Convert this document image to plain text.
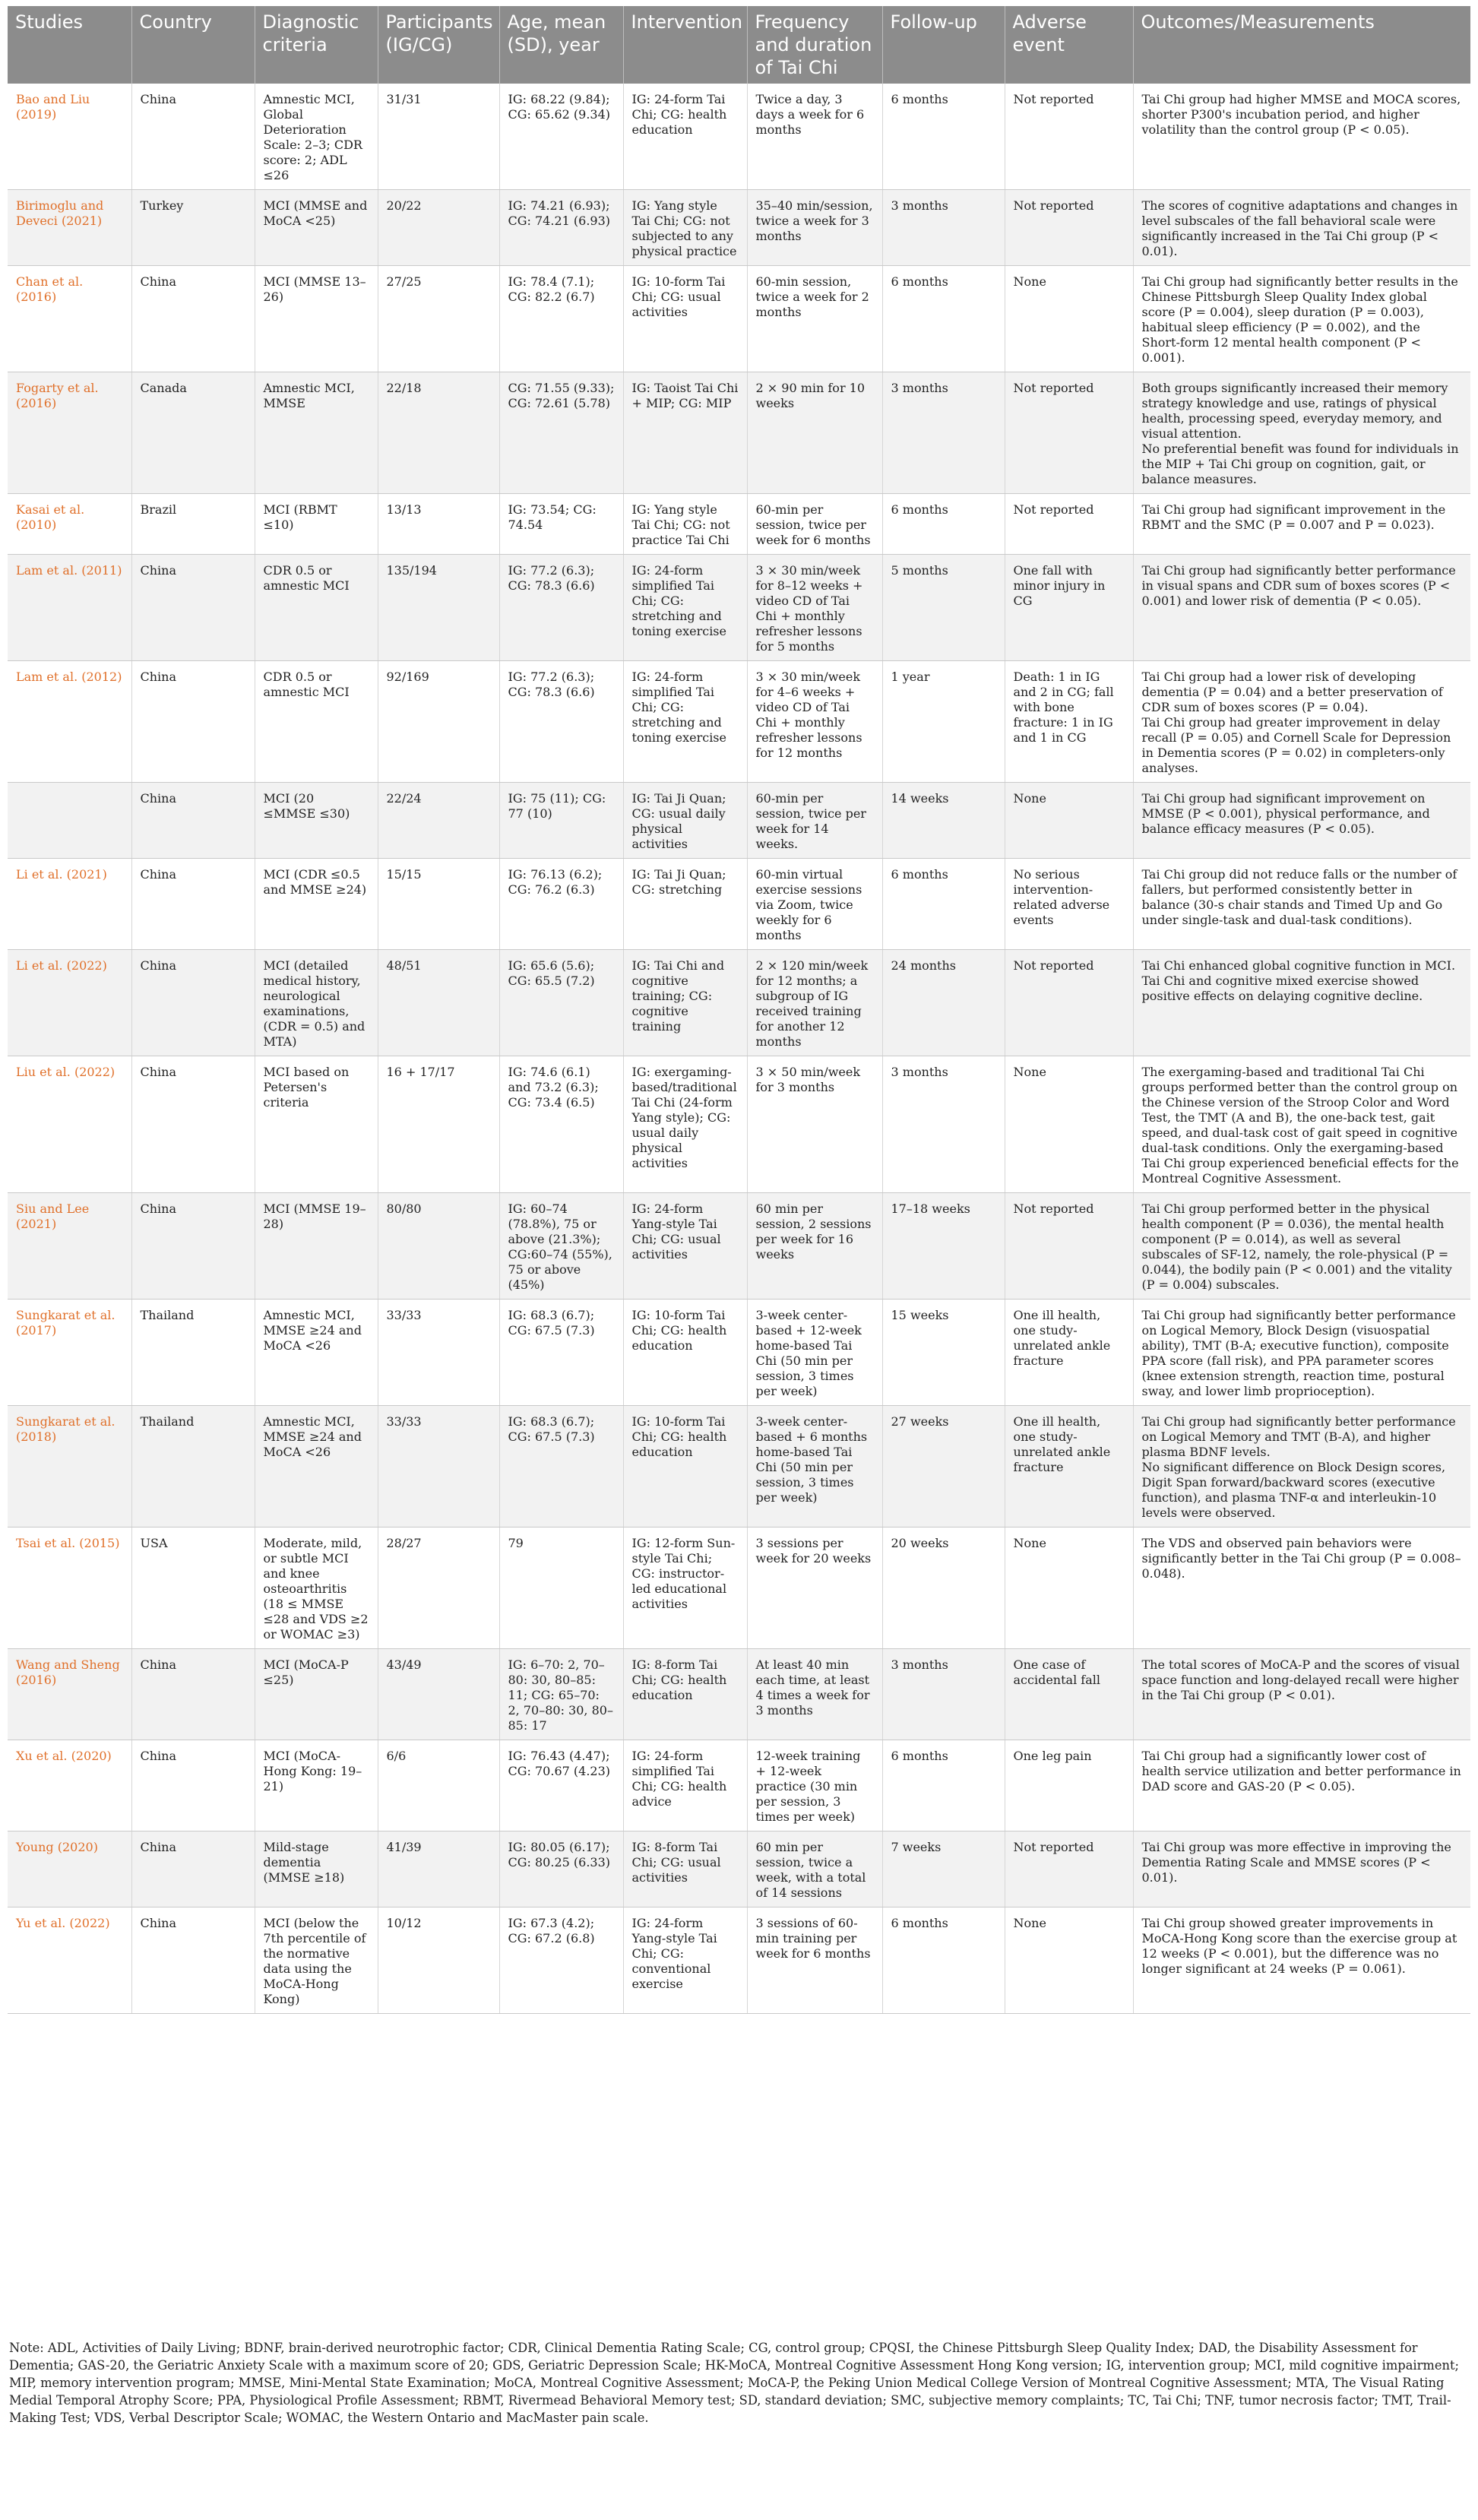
Studies	Country	Diagnostic criteria	Participants (IG/CG)	Age, mean (SD), year	Intervention	Frequency and duration of Tai Chi	Follow-up	Adverse event	Outcomes/Measurements
Bao and Liu (2019)	China	Amnestic MCI, Global Deterioration Scale: 2–3; CDR score: 2; ADL ≤26	31/31	IG: 68.22 (9.84); CG: 65.62 (9.34)	IG: 24-form Tai Chi; CG: health education	Twice a day, 3 days a week for 6 months	6 months	Not reported	Tai Chi group had higher MMSE and MOCA scores, shorter P300's incubation period, and higher volatility than the control group (P < 0.05).
Birimoglu and Deveci (2021)	Turkey	MCI (MMSE and MoCA <25)	20/22	IG: 74.21 (6.93); CG: 74.21 (6.93)	IG: Yang style Tai Chi; CG: not subjected to any physical practice	35–40 min/session, twice a week for 3 months	3 months	Not reported	The scores of cognitive adaptations and changes in level subscales of the fall behavioral scale were significantly increased in the Tai Chi group (P < 0.01).
Chan et al. (2016)	China	MCI (MMSE 13–26)	27/25	IG: 78.4 (7.1); CG: 82.2 (6.7)	IG: 10-form Tai Chi; CG: usual activities	60-min session, twice a week for 2 months	6 months	None	Tai Chi group had significantly better results in the Chinese Pittsburgh Sleep Quality Index global score (P = 0.004), sleep duration (P = 0.003), habitual sleep efficiency (P = 0.002), and the Short-form 12 mental health component (P < 0.001).
Fogarty et al. (2016)	Canada	Amnestic MCI, MMSE	22/18	CG: 71.55 (9.33); CG: 72.61 (5.78)	IG: Taoist Tai Chi + MIP; CG: MIP	2 × 90 min for 10 weeks	3 months	Not reported	Both groups significantly increased their memory strategy knowledge and use, ratings of physical health, processing speed, everyday memory, and visual attention.
No preferential benefit was found for individuals in the MIP + Tai Chi group on cognition, gait, or balance measures.
Kasai et al. (2010)	Brazil	MCI (RBMT ≤10)	13/13	IG: 73.54; CG: 74.54	IG: Yang style Tai Chi; CG: not practice Tai Chi	60-min per session, twice per week for 6 months	6 months	Not reported	Tai Chi group had significant improvement in the RBMT and the SMC (P = 0.007 and P = 0.023).
Lam et al. (2011)	China	CDR 0.5 or amnestic MCI	135/194	IG: 77.2 (6.3); CG: 78.3 (6.6)	IG: 24-form simplified Tai Chi; CG: stretching and toning exercise	3 × 30 min/week for 8–12 weeks + video CD of Tai Chi + monthly refresher lessons for 5 months	5 months	One fall with minor injury in CG	Tai Chi group had significantly better performance in visual spans and CDR sum of boxes scores (P < 0.001) and lower risk of dementia (P < 0.05).
Lam et al. (2012)	China	CDR 0.5 or amnestic MCI	92/169	IG: 77.2 (6.3); CG: 78.3 (6.6)	IG: 24-form simplified Tai Chi; CG: stretching and toning exercise	3 × 30 min/week for 4–6 weeks + video CD of Tai Chi + monthly refresher lessons for 12 months	1 year	Death: 1 in IG and 2 in CG; fall with bone fracture: 1 in IG and 1 in CG	Tai Chi group had a lower risk of developing dementia (P = 0.04) and a better preservation of CDR sum of boxes scores (P = 0.04).
Tai Chi group had greater improvement in delay recall (P = 0.05) and Cornell Scale for Depression in Dementia scores (P = 0.02) in completers-only analyses.
	China	MCI (20 ≤MMSE ≤30)	22/24	IG: 75 (11); CG: 77 (10)	IG: Tai Ji Quan; CG: usual daily physical activities	60-min per session, twice per week for 14 weeks.	14 weeks	None	Tai Chi group had significant improvement on MMSE (P < 0.001), physical performance, and balance efficacy measures (P < 0.05).
Li et al. (2021)	China	MCI (CDR ≤0.5 and MMSE ≥24)	15/15	IG: 76.13 (6.2); CG: 76.2 (6.3)	IG: Tai Ji Quan; CG: stretching	60-min virtual exercise sessions via Zoom, twice weekly for 6 months	6 months	No serious intervention-related adverse events	Tai Chi group did not reduce falls or the number of fallers, but performed consistently better in balance (30-s chair stands and Timed Up and Go under single-task and dual-task conditions).
Li et al. (2022)	China	MCI (detailed medical history, neurological examinations, (CDR = 0.5) and MTA)	48/51	IG: 65.6 (5.6); CG: 65.5 (7.2)	IG: Tai Chi and cognitive training; CG: cognitive training	2 × 120 min/week for 12 months; a subgroup of IG received training for another 12 months	24 months	Not reported	Tai Chi enhanced global cognitive function in MCI. Tai Chi and cognitive mixed exercise showed positive effects on delaying cognitive decline.
Liu et al. (2022)	China	MCI based on Petersen's criteria	16 + 17/17	IG: 74.6 (6.1) and 73.2 (6.3); CG: 73.4 (6.5)	IG: exergaming-based/traditional Tai Chi (24-form Yang style); CG: usual daily physical activities	3 × 50 min/week for 3 months	3 months	None	The exergaming-based and traditional Tai Chi groups performed better than the control group on the Chinese version of the Stroop Color and Word Test, the TMT (A and B), the one-back test, gait speed, and dual-task cost of gait speed in cognitive dual-task conditions. Only the exergaming-based Tai Chi group experienced beneficial effects for the Montreal Cognitive Assessment.
Siu and Lee (2021)	China	MCI (MMSE 19–28)	80/80	IG: 60–74 (78.8%), 75 or above (21.3%); CG:60–74 (55%), 75 or above (45%)	IG: 24-form Yang-style Tai Chi; CG: usual activities	60 min per session, 2 sessions per week for 16 weeks	17–18 weeks	Not reported	Tai Chi group performed better in the physical health component (P = 0.036), the mental health component (P = 0.014), as well as several subscales of SF-12, namely, the role-physical (P = 0.044), the bodily pain (P < 0.001) and the vitality (P = 0.004) subscales.
Sungkarat et al. (2017)	Thailand	Amnestic MCI, MMSE ≥24 and MoCA <26	33/33	IG: 68.3 (6.7); CG: 67.5 (7.3)	IG: 10-form Tai Chi; CG: health education	3-week center-based + 12-week home-based Tai Chi (50 min per session, 3 times per week)	15 weeks	One ill health, one study-unrelated ankle fracture	Tai Chi group had significantly better performance on Logical Memory, Block Design (visuospatial ability), TMT (B-A; executive function), composite PPA score (fall risk), and PPA parameter scores (knee extension strength, reaction time, postural sway, and lower limb proprioception).
Sungkarat et al. (2018)	Thailand	Amnestic MCI, MMSE ≥24 and MoCA <26	33/33	IG: 68.3 (6.7); CG: 67.5 (7.3)	IG: 10-form Tai Chi; CG: health education	3-week center-based + 6 months home-based Tai Chi (50 min per session, 3 times per week)	27 weeks	One ill health, one study-unrelated ankle fracture	Tai Chi group had significantly better performance on Logical Memory and TMT (B-A), and higher plasma BDNF levels.
No significant difference on Block Design scores, Digit Span forward/backward scores (executive function), and plasma TNF-α and interleukin-10 levels were observed.
Tsai et al. (2015)	USA	Moderate, mild, or subtle MCI and knee osteoarthritis (18 ≤ MMSE ≤28 and VDS ≥2 or WOMAC ≥3)	28/27	79	IG: 12-form Sun-style Tai Chi; CG: instructor-led educational activities	3 sessions per week for 20 weeks	20 weeks	None	The VDS and observed pain behaviors were significantly better in the Tai Chi group (P = 0.008–0.048).
Wang and Sheng (2016)	China	MCI (MoCA-P ≤25)	43/49	IG: 6–70: 2, 70–80: 30, 80–85: 11; CG: 65–70: 2, 70–80: 30, 80–85: 17	IG: 8-form Tai Chi; CG: health education	At least 40 min each time, at least 4 times a week for 3 months	3 months	One case of accidental fall	The total scores of MoCA-P and the scores of visual space function and long-delayed recall were higher in the Tai Chi group (P < 0.01).
Xu et al. (2020)	China	MCI (MoCA-Hong Kong: 19–21)	6/6	IG: 76.43 (4.47); CG: 70.67 (4.23)	IG: 24-form simplified Tai Chi; CG: health advice	12-week training + 12-week practice (30 min per session, 3 times per week)	6 months	One leg pain	Tai Chi group had a significantly lower cost of health service utilization and better performance in DAD score and GAS-20 (P < 0.05).
Young (2020)	China	Mild-stage dementia (MMSE ≥18)	41/39	IG: 80.05 (6.17); CG: 80.25 (6.33)	IG: 8-form Tai Chi; CG: usual activities	60 min per session, twice a week, with a total of 14 sessions	7 weeks	Not reported	Tai Chi group was more effective in improving the Dementia Rating Scale and MMSE scores (P < 0.01).
Yu et al. (2022)	China	MCI (below the 7th percentile of the normative data using the MoCA-Hong Kong)	10/12	IG: 67.3 (4.2); CG: 67.2 (6.8)	IG: 24-form Yang-style Tai Chi; CG: conventional exercise	3 sessions of 60-min training per week for 6 months	6 months	None	Tai Chi group showed greater improvements in MoCA-Hong Kong score than the exercise group at 12 weeks (P < 0.001), but the difference was no longer significant at 24 weeks (P = 0.061).

Note: ADL, Activities of Daily Living; BDNF, brain-derived neurotrophic factor; CDR, Clinical Dementia Rating Scale; CG, control group; CPQSI, the Chinese Pittsburgh Sleep Quality Index; DAD, the Disability Assessment for Dementia; GAS-20, the Geriatric Anxiety Scale with a maximum score of 20; GDS, Geriatric Depression Scale; HK-MoCA, Montreal Cognitive Assessment Hong Kong version; IG, intervention group; MCI, mild cognitive impairment; MIP, memory intervention program; MMSE, Mini-Mental State Examination; MoCA, Montreal Cognitive Assessment; MoCA-P, the Peking Union Medical College Version of Montreal Cognitive Assessment; MTA, The Visual Rating Medial Temporal Atrophy Score; PPA, Physiological Profile Assessment; RBMT, Rivermead Behavioral Memory test; SD, standard deviation; SMC, subjective memory complaints; TC, Tai Chi; TNF, tumor necrosis factor; TMT, Trail-Making Test; VDS, Verbal Descriptor Scale; WOMAC, the Western Ontario and MacMaster pain scale.
